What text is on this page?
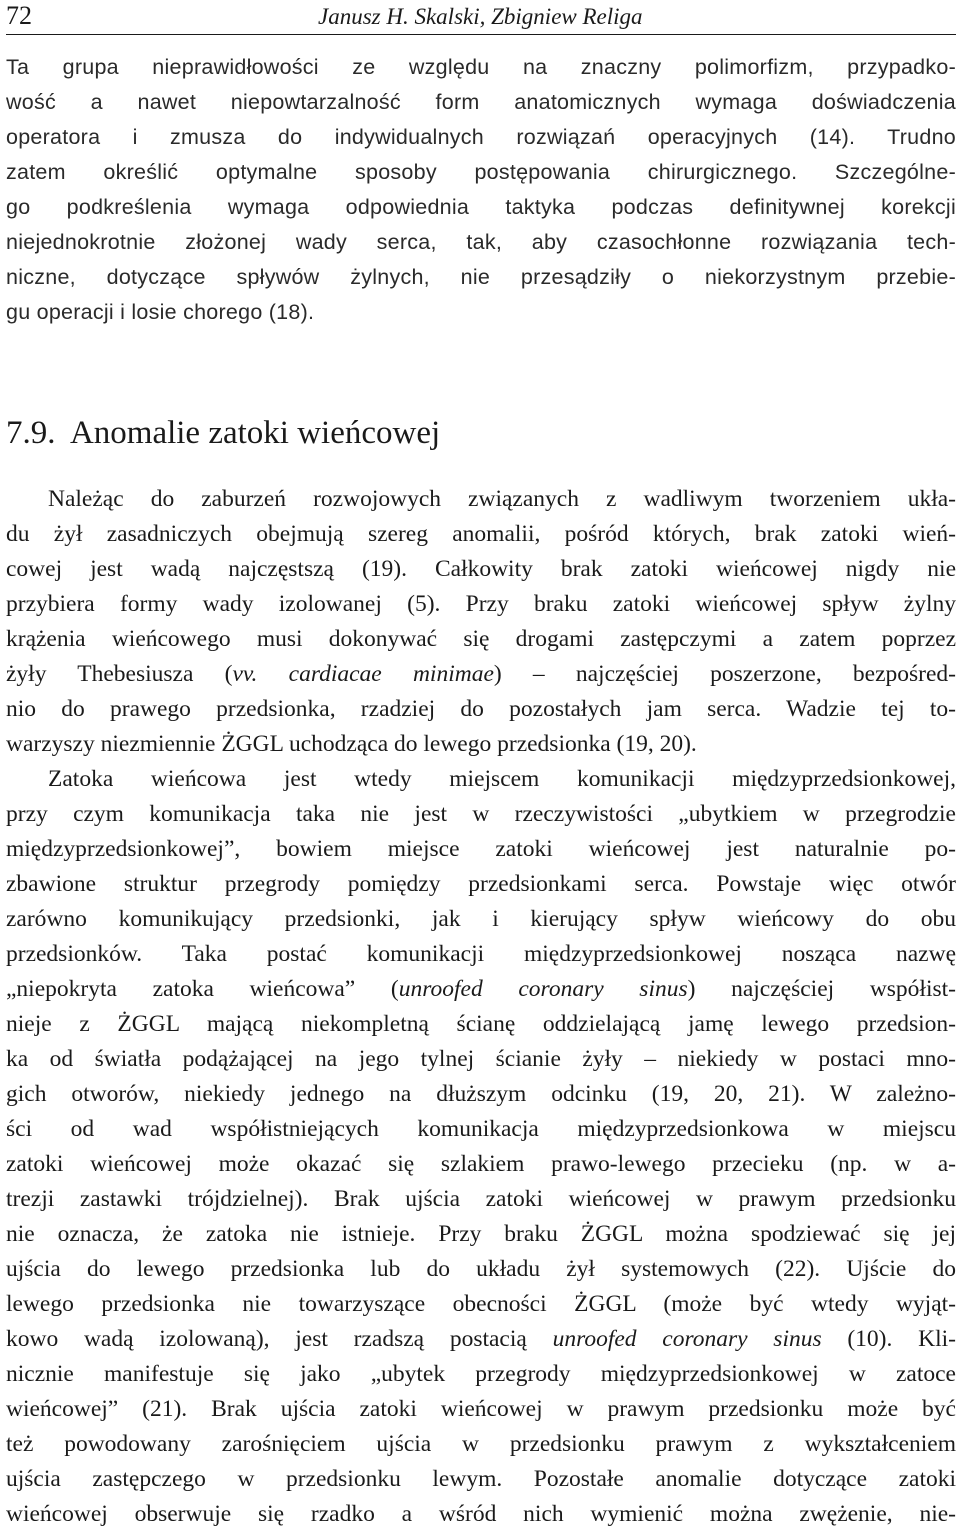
72	Janusz H. Skalski, Zbigniew Religa
Ta grupa nieprawidłowości ze względu na znaczny polimorfizm, przypadko-
wość a nawet niepowtarzalność form anatomicznych wymaga doświadczenia
operatora i zmusza do indywidualnych rozwiązań operacyjnych (14). Trudno
zatem określić optymalne sposoby postępowania chirurgicznego. Szczególne-
go podkreślenia wymaga odpowiednia taktyka podczas definitywnej korekcji
niejednokrotnie złożonej wady serca, tak, aby czasochłonne rozwiązania tech-
niczne, dotyczące spływów żylnych, nie przesądziły o niekorzystnym przebie-
gu operacji i losie chorego (18).
7.9. Anomalie zatoki wieńcowej
Należąc do zaburzeń rozwojowych związanych z wadliwym tworzeniem ukła-
du żył zasadniczych obejmują szereg anomalii, pośród których, brak zatoki wień-
cowej jest wadą najczęstszą (19). Całkowity brak zatoki wieńcowej nigdy nie
przybiera formy wady izolowanej (5). Przy braku zatoki wieńcowej spływ żylny
krążenia wieńcowego musi dokonywać się drogami zastępczymi a zatem poprzez
żyły Thebesiusza (vv. cardiacae minimae) – najczęściej poszerzone, bezpośred-
nio do prawego przedsionka, rzadziej do pozostałych jam serca. Wadzie tej to-
warzyszy niezmiennie ŻGGL uchodząca do lewego przedsionka (19, 20).
Zatoka wieńcowa jest wtedy miejscem komunikacji międzyprzedsionkowej,
przy czym komunikacja taka nie jest w rzeczywistości „ubytkiem w przegrodzie
międzyprzedsionkowej”, bowiem miejsce zatoki wieńcowej jest naturalnie po-
zbawione struktur przegrody pomiędzy przedsionkami serca. Powstaje więc otwór
zarówno komunikujący przedsionki, jak i kierujący spływ wieńcowy do obu
przedsionków. Taka postać komunikacji międzyprzedsionkowej nosząca nazwę
„niepokryta zatoka wieńcowa” (unroofed coronary sinus) najczęściej współist-
nieje z ŻGGL mającą niekompletną ścianę oddzielającą jamę lewego przedsion-
ka od światła podążającej na jego tylnej ścianie żyły – niekiedy w postaci mno-
gich otworów, niekiedy jednego na dłuższym odcinku (19, 20, 21). W zależno-
ści od wad współistniejących komunikacja międzyprzedsionkowa w miejscu
zatoki wieńcowej może okazać się szlakiem prawo-lewego przecieku (np. w a-
trezji zastawki trójdzielnej). Brak ujścia zatoki wieńcowej w prawym przedsionku
nie oznacza, że zatoka nie istnieje. Przy braku ŻGGL można spodziewać się jej
ujścia do lewego przedsionka lub do układu żył systemowych (22). Ujście do
lewego przedsionka nie towarzyszące obecności ŻGGL (może być wtedy wyjąt-
kowo wadą izolowaną), jest rzadszą postacią unroofed coronary sinus (10). Kli-
nicznie manifestuje się jako „ubytek przegrody międzyprzedsionkowej w zatoce
wieńcowej” (21). Brak ujścia zatoki wieńcowej w prawym przedsionku może być
też powodowany zarośnięciem ujścia w przedsionku prawym z wykształceniem
ujścia zastępczego w przedsionku lewym. Pozostałe anomalie dotyczące zatoki
wieńcowej obserwuje się rzadko a wśród nich wymienić można zwężenie, nie-
